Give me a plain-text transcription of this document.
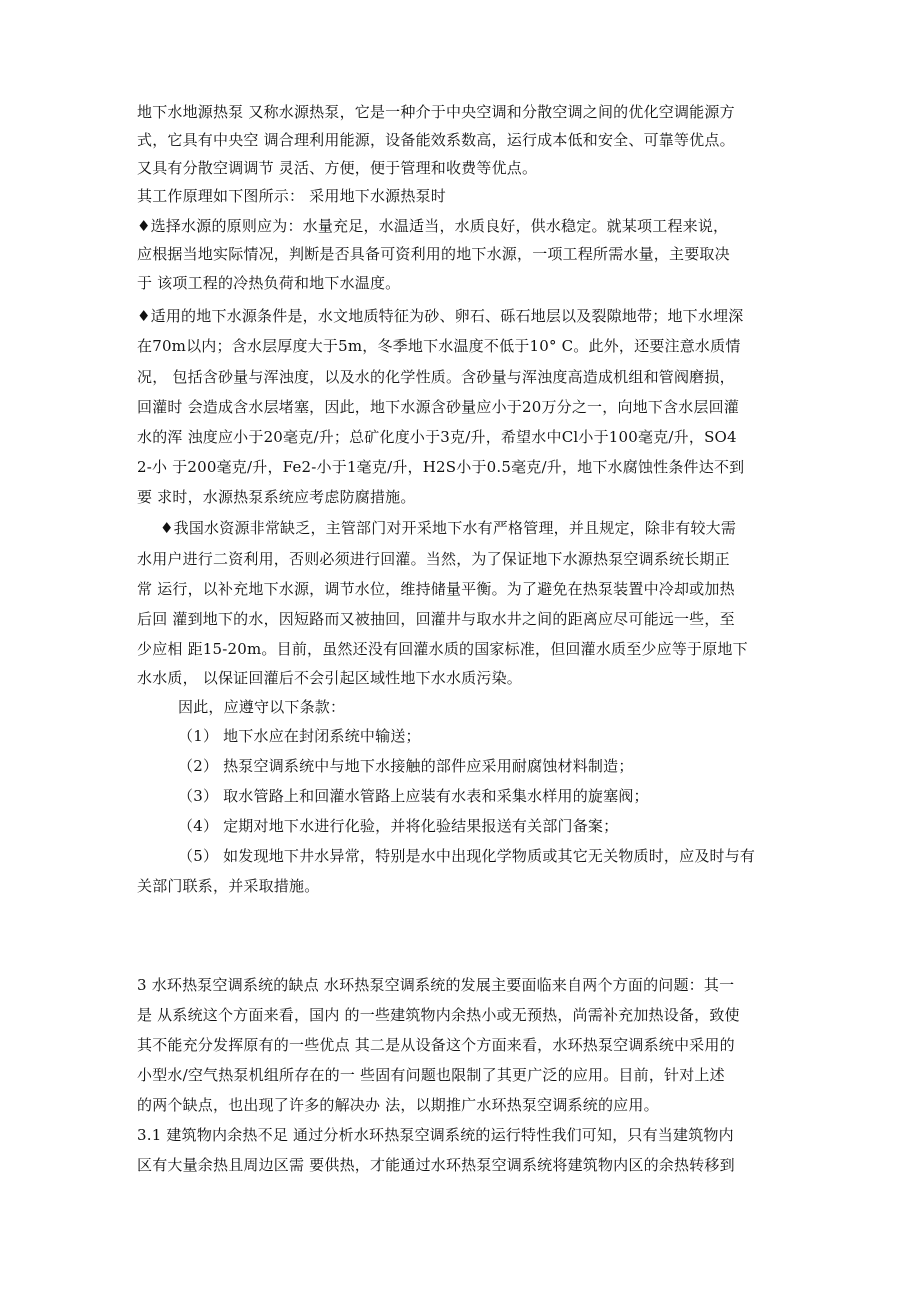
地下水地源热泵 又称水源热泵，它是一种介于中央空调和分散空调之间的优化空调能源方
式，它具有中央空 调合理利用能源，设备能效系数高，运行成本低和安全、可靠等优点。
又具有分散空调调节 灵活、方便，便于管理和收费等优点。
其工作原理如下图所示： 采用地下水源热泵时
♦选择水源的原则应为：水量充足，水温适当，水质良好，供水稳定。就某项工程来说，
应根据当地实际情况，判断是否具备可资利用的地下水源，一项工程所需水量，主要取决
于 该项工程的冷热负荷和地下水温度。
♦适用的地下水源条件是，水文地质特征为砂、卵石、砾石地层以及裂隙地带；地下水埋深
在70m以内；含水层厚度大于5m，冬季地下水温度不低于10° C。此外，还要注意水质情
况， 包括含砂量与浑浊度，以及水的化学性质。含砂量与浑浊度高造成机组和管阀磨损，
回灌时 会造成含水层堵塞，因此，地下水源含砂量应小于20万分之一，向地下含水层回灌
水的浑 浊度应小于20毫克/升；总矿化度小于3克/升，希望水中Cl小于100毫克/升，SO4
2-小 于200毫克/升，Fe2-小于1毫克/升，H2S小于0.5毫克/升，地下水腐蚀性条件达不到
要 求时，水源热泵系统应考虑防腐措施。
♦我国水资源非常缺乏，主管部门对开采地下水有严格管理，并且规定，除非有较大需
水用户进行二资利用，否则必须进行回灌。当然，为了保证地下水源热泵空调系统长期正
常 运行，以补充地下水源，调节水位，维持储量平衡。为了避免在热泵装置中冷却或加热
后回 灌到地下的水，因短路而又被抽回，回灌井与取水井之间的距离应尽可能远一些，至
少应相 距15-20m。目前，虽然还没有回灌水质的国家标准，但回灌水质至少应等于原地下
水水质， 以保证回灌后不会引起区域性地下水水质污染。
因此，应遵守以下条款：
（1） 地下水应在封闭系统中输送；
（2） 热泵空调系统中与地下水接触的部件应采用耐腐蚀材料制造；
（3） 取水管路上和回灌水管路上应装有水表和采集水样用的旋塞阀；
（4） 定期对地下水进行化验，并将化验结果报送有关部门备案；
（5） 如发现地下井水异常，特别是水中出现化学物质或其它无关物质时，应及时与有
关部门联系，并采取措施。
3 水环热泵空调系统的缺点 水环热泵空调系统的发展主要面临来自两个方面的问题：其一
是 从系统这个方面来看，国内 的一些建筑物内余热小或无预热，尚需补充加热设备，致使
其不能充分发挥原有的一些优点 其二是从设备这个方面来看，水环热泵空调系统中采用的
小型水/空气热泵机组所存在的一 些固有问题也限制了其更广泛的应用。目前，针对上述
的两个缺点，也出现了许多的解决办 法，以期推广水环热泵空调系统的应用。
3.1 建筑物内余热不足 通过分析水环热泵空调系统的运行特性我们可知，只有当建筑物内
区有大量余热且周边区需 要供热，才能通过水环热泵空调系统将建筑物内区的余热转移到
